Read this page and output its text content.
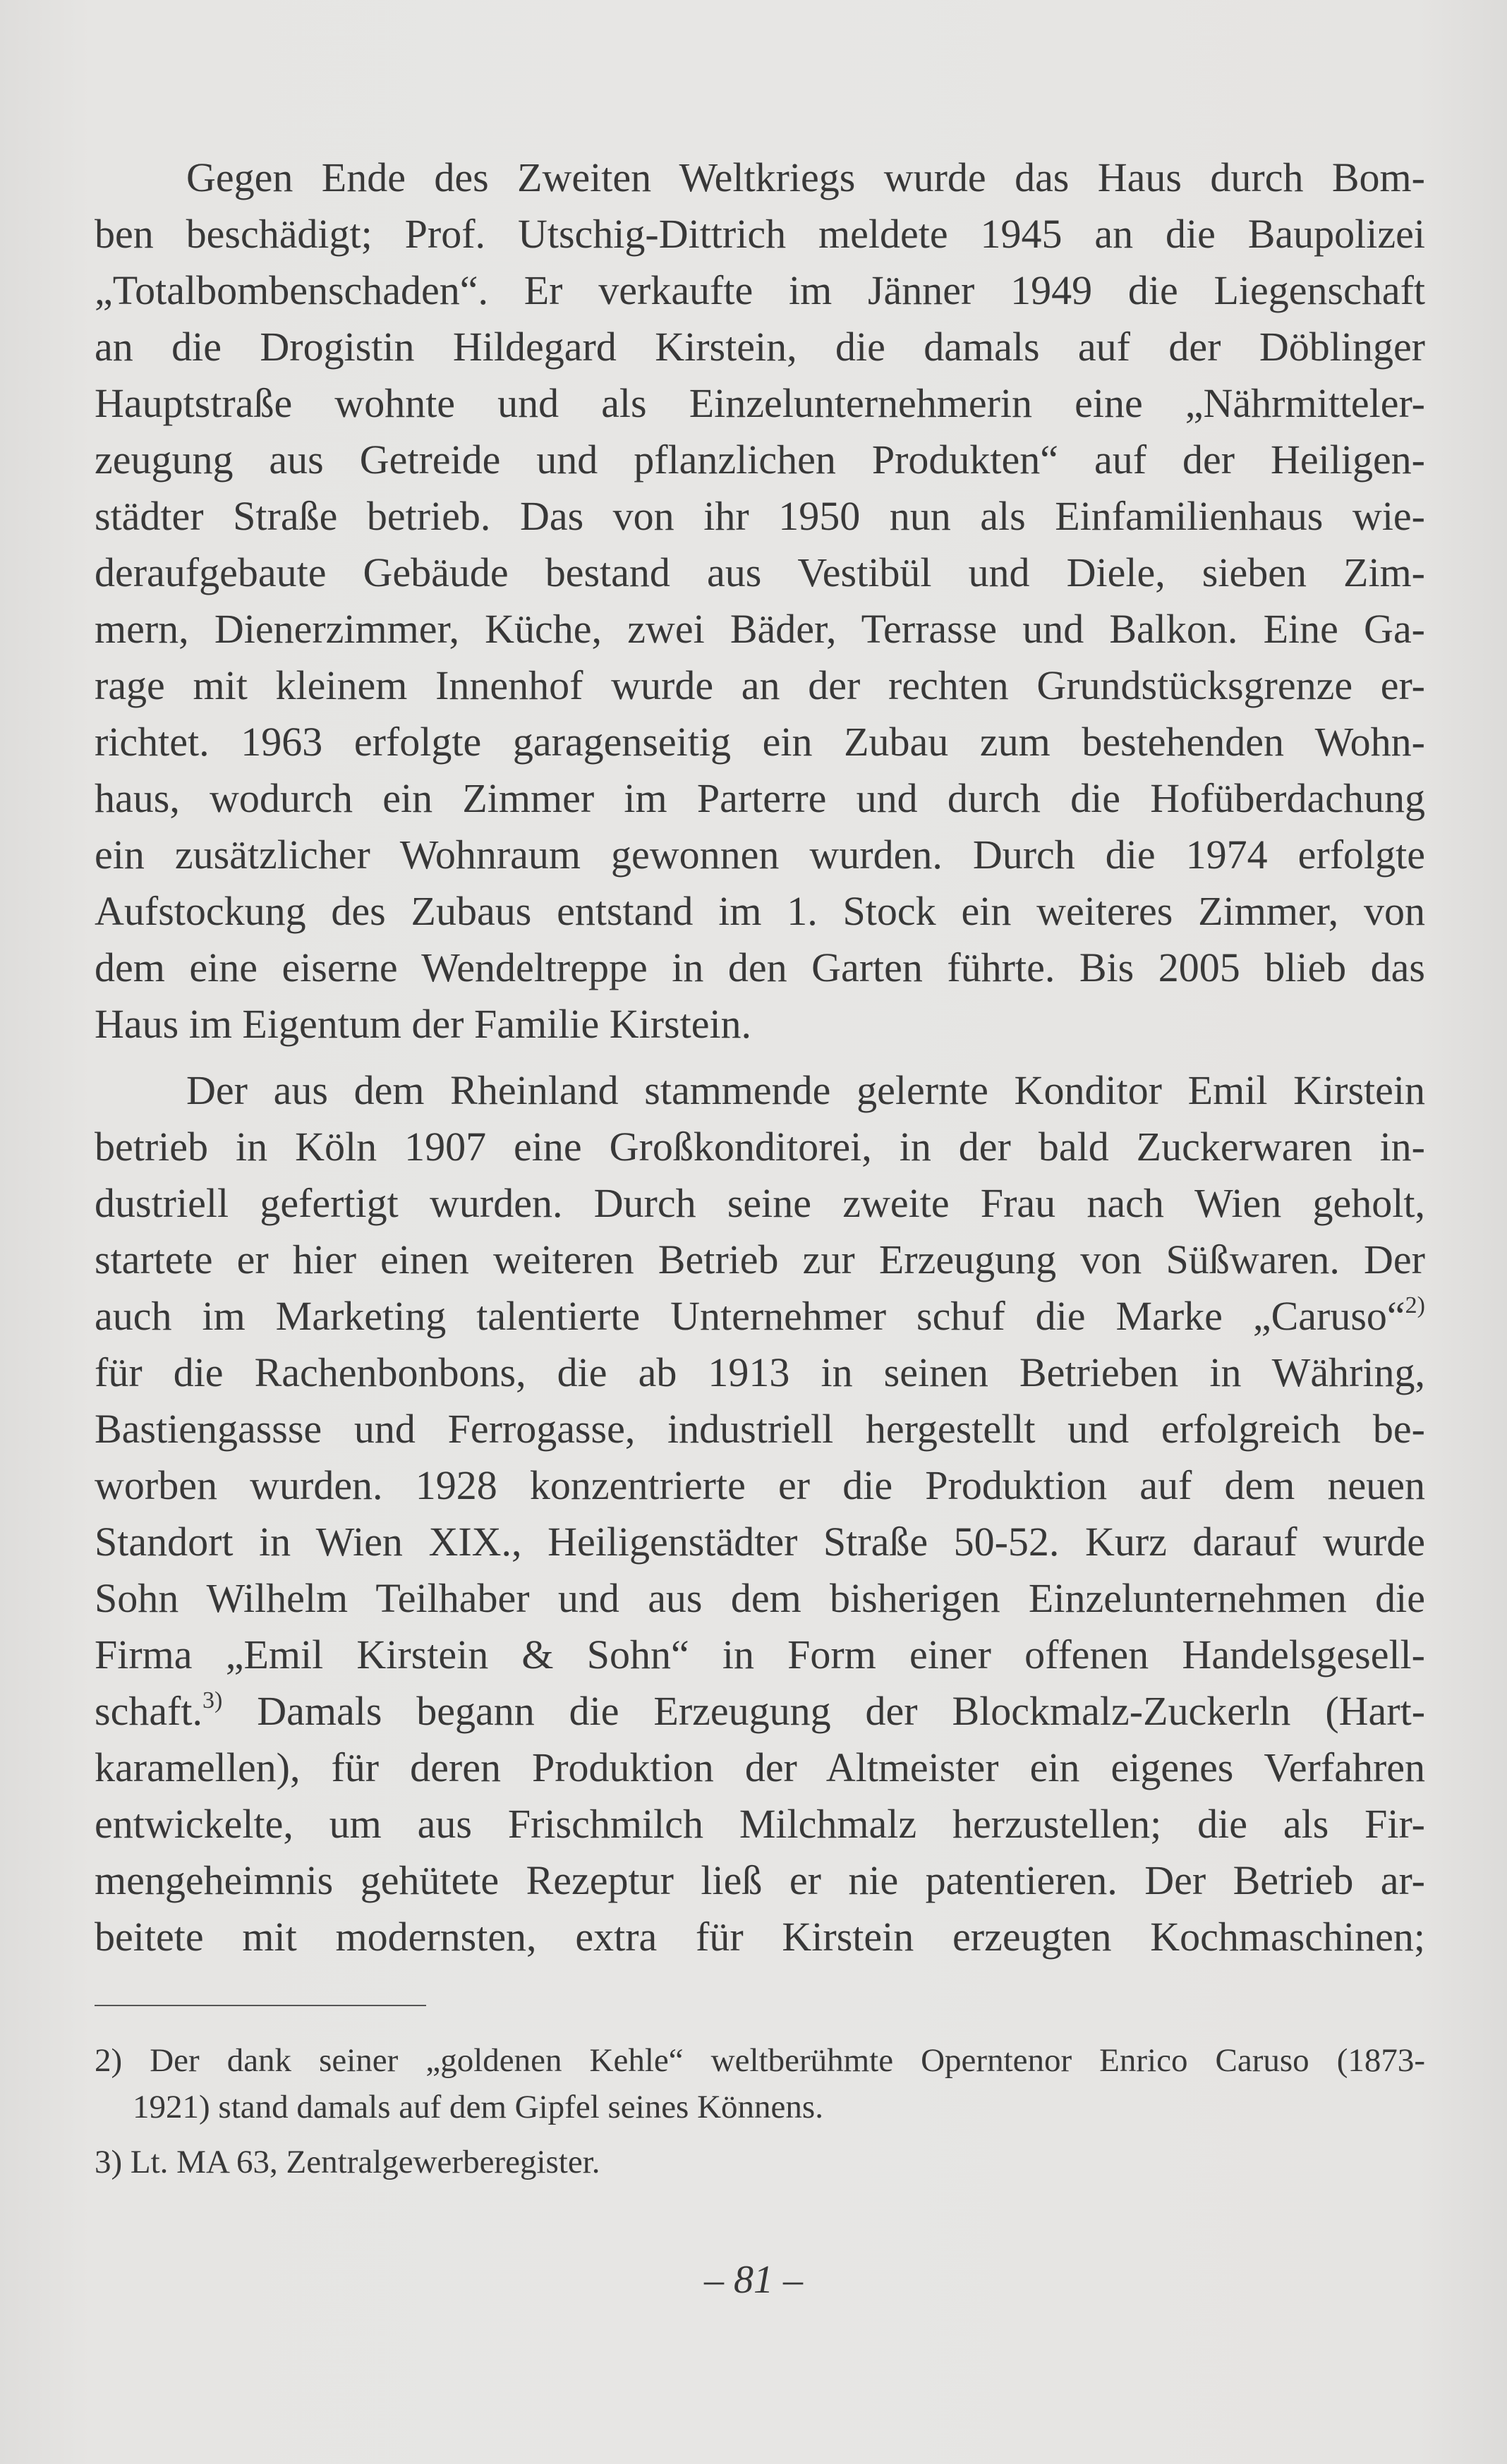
Gegen Ende des Zweiten Weltkriegs wurde das Haus durch Bom-
ben beschädigt; Prof. Utschig-Dittrich meldete 1945 an die Baupolizei
„Totalbombenschaden“. Er verkaufte im Jänner 1949 die Liegenschaft
an die Drogistin Hildegard Kirstein, die damals auf der Döblinger
Hauptstraße wohnte und als Einzelunternehmerin eine „Nährmitteler-
zeugung aus Getreide und pflanzlichen Produkten“ auf der Heiligen-
städter Straße betrieb. Das von ihr 1950 nun als Einfamilienhaus wie-
deraufgebaute Gebäude bestand aus Vestibül und Diele, sieben Zim-
mern, Dienerzimmer, Küche, zwei Bäder, Terrasse und Balkon. Eine Ga-
rage mit kleinem Innenhof wurde an der rechten Grundstücksgrenze er-
richtet. 1963 erfolgte garagenseitig ein Zubau zum bestehenden Wohn-
haus, wodurch ein Zimmer im Parterre und durch die Hofüberdachung
ein zusätzlicher Wohnraum gewonnen wurden. Durch die 1974 erfolgte
Aufstockung des Zubaus entstand im 1. Stock ein weiteres Zimmer, von
dem eine eiserne Wendeltreppe in den Garten führte. Bis 2005 blieb das
Haus im Eigentum der Familie Kirstein.
Der aus dem Rheinland stammende gelernte Konditor Emil Kirstein
betrieb in Köln 1907 eine Großkonditorei, in der bald Zuckerwaren in-
dustriell gefertigt wurden. Durch seine zweite Frau nach Wien geholt,
startete er hier einen weiteren Betrieb zur Erzeugung von Süßwaren. Der
auch im Marketing talentierte Unternehmer schuf die Marke „Caruso“$^{2)}$
für die Rachenbonbons, die ab 1913 in seinen Betrieben in Währing,
Bastiengassse und Ferrogasse, industriell hergestellt und erfolgreich be-
worben wurden. 1928 konzentrierte er die Produktion auf dem neuen
Standort in Wien XIX., Heiligenstädter Straße 50-52. Kurz darauf wurde
Sohn Wilhelm Teilhaber und aus dem bisherigen Einzelunternehmen die
Firma „Emil Kirstein & Sohn“ in Form einer offenen Handelsgesell-
schaft.$^{3)}$ Damals begann die Erzeugung der Blockmalz-Zuckerln (Hart-
karamellen), für deren Produktion der Altmeister ein eigenes Verfahren
entwickelte, um aus Frischmilch Milchmalz herzustellen; die als Fir-
mengeheimnis gehütete Rezeptur ließ er nie patentieren. Der Betrieb ar-
beitete mit modernsten, extra für Kirstein erzeugten Kochmaschinen;
2) Der dank seiner „goldenen Kehle“ weltberühmte Operntenor Enrico Caruso (1873-
1921) stand damals auf dem Gipfel seines Könnens.
3) Lt. MA 63, Zentralgewerberegister.
– 81 –
